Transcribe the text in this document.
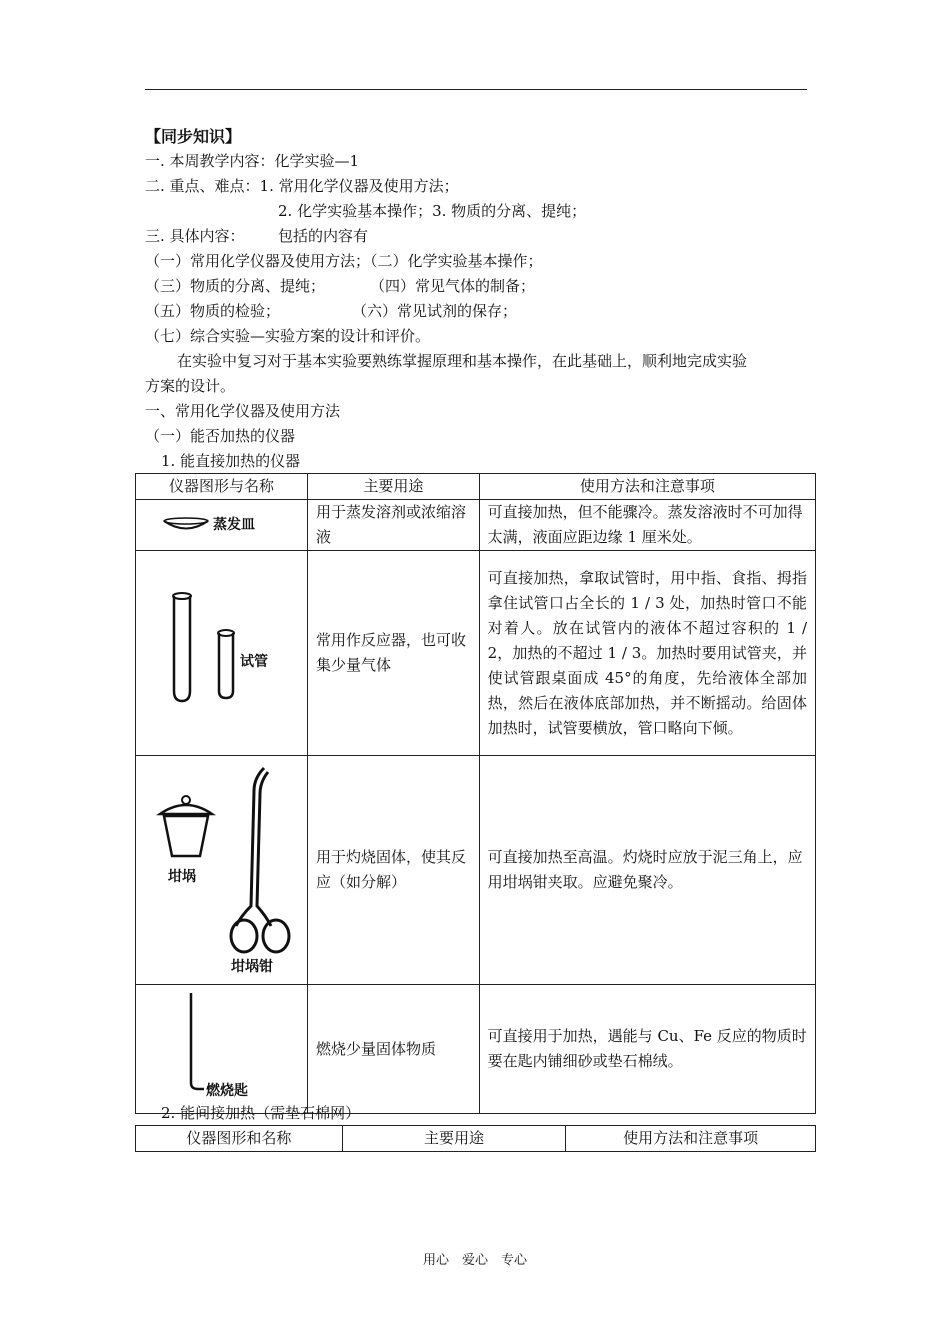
【同步知识】
一. 本周教学内容：化学实验—1
二. 重点、难点：1. 常用化学仪器及使用方法；
2. 化学实验基本操作；3. 物质的分离、提纯；
三. 具体内容： 包括的内容有
（一）常用化学仪器及使用方法；（二）化学实验基本操作；
（三）物质的分离、提纯；	（四）常见气体的制备；
（五）物质的检验；	（六）常见试剂的保存；
（七）综合实验—实验方案的设计和评价。
在实验中复习对于基本实验要熟练掌握原理和基本操作，在此基础上，顺利地完成实验
方案的设计。
一、常用化学仪器及使用方法
（一）能否加热的仪器
1. 能直接加热的仪器
仪器图形与名称	主要用途	使用方法和注意事项

蒸发皿	用于蒸发溶剂或浓缩溶液	可直接加热，但不能骤冷。蒸发溶液时不可加得太满，液面应距边缘 1 厘米处。

试管	常用作反应器，也可收集少量气体	可直接加热，拿取试管时，用中指、食指、拇指拿住试管口占全长的 1 / 3 处，加热时管口不能对着人。放在试管内的液体不超过容积的 1 / 2，加热的不超过 1 / 3。加热时要用试管夹，并使试管跟桌面成 45°的角度，先给液体全部加热，然后在液体底部加热，并不断摇动。给固体加热时，试管要横放，管口略向下倾。

坩埚
坩埚钳	用于灼烧固体，使其反应（如分解）	可直接加热至高温。灼烧时应放于泥三角上，应用坩埚钳夹取。应避免聚冷。

燃烧匙	燃烧少量固体物质	可直接用于加热，遇能与 Cu、Fe 反应的物质时要在匙内铺细砂或垫石棉绒。
2. 能间接加热（需垫石棉网）
仪器图形和名称	主要用途	使用方法和注意事项
用心　爱心　专心
